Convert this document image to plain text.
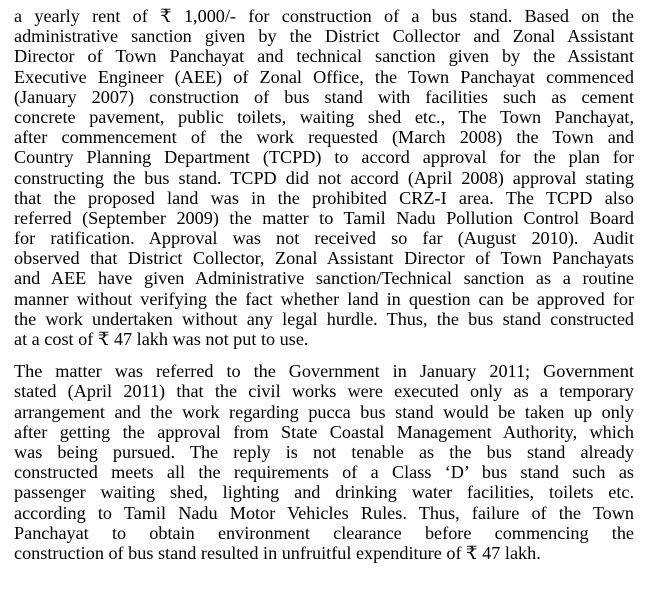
a yearly rent of ₹ 1,000/- for construction of a bus stand. Based on the
administrative sanction given by the District Collector and Zonal Assistant
Director of Town Panchayat and technical sanction given by the Assistant
Executive Engineer (AEE) of Zonal Office, the Town Panchayat commenced
(January 2007) construction of bus stand with facilities such as cement
concrete pavement, public toilets, waiting shed etc., The Town Panchayat,
after commencement of the work requested (March 2008) the Town and
Country Planning Department (TCPD) to accord approval for the plan for
constructing the bus stand. TCPD did not accord (April 2008) approval stating
that the proposed land was in the prohibited CRZ-I area. The TCPD also
referred (September 2009) the matter to Tamil Nadu Pollution Control Board
for ratification. Approval was not received so far (August 2010). Audit
observed that District Collector, Zonal Assistant Director of Town Panchayats
and AEE have given Administrative sanction/Technical sanction as a routine
manner without verifying the fact whether land in question can be approved for
the work undertaken without any legal hurdle. Thus, the bus stand constructed
at a cost of ₹ 47 lakh was not put to use.
The matter was referred to the Government in January 2011; Government
stated (April 2011) that the civil works were executed only as a temporary
arrangement and the work regarding pucca bus stand would be taken up only
after getting the approval from State Coastal Management Authority, which
was being pursued. The reply is not tenable as the bus stand already
constructed meets all the requirements of a Class ‘D’ bus stand such as
passenger waiting shed, lighting and drinking water facilities, toilets etc.
according to Tamil Nadu Motor Vehicles Rules. Thus, failure of the Town
Panchayat to obtain environment clearance before commencing the
construction of bus stand resulted in unfruitful expenditure of ₹ 47 lakh.
